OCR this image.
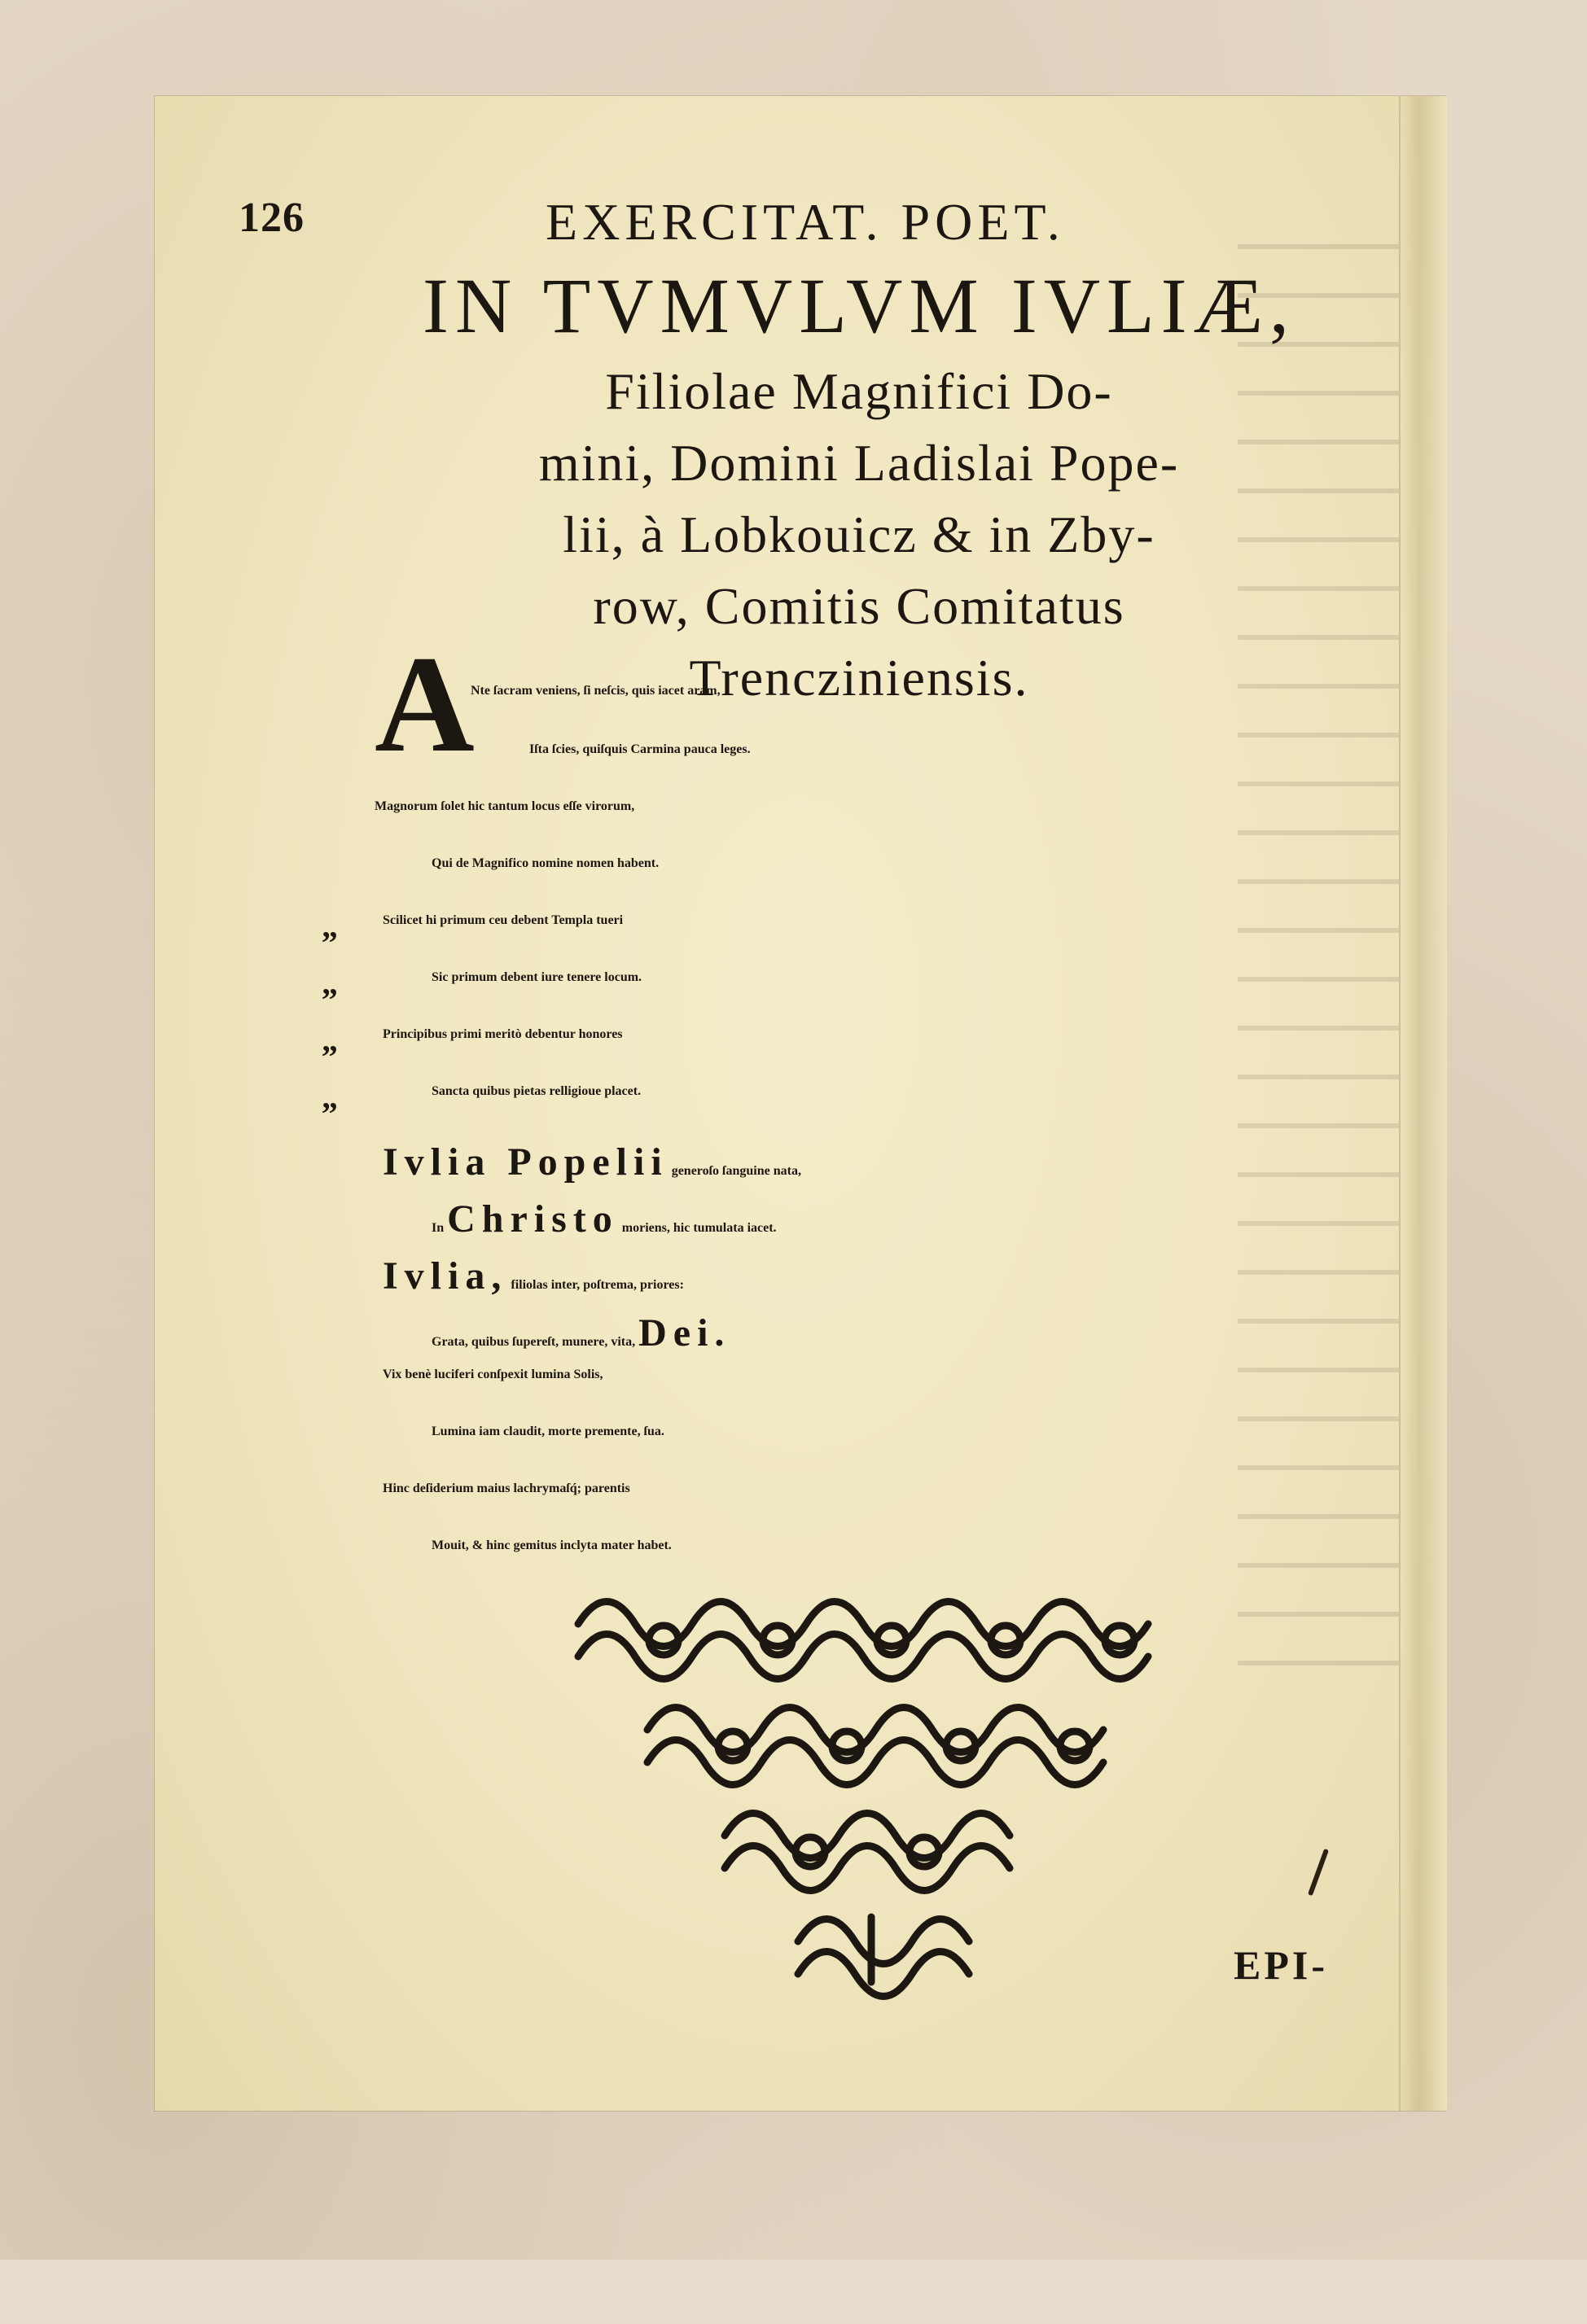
126	EXERCITAT. POET.

IN TVMVLVM IVLIÆ,

Filiolae Magnifici Do-

mini, Domini Ladislai Pope-

lii, à Lobkouicz & in Zby-

row, Comitis Comitatus

Trencziniensis.

A
Nte ſacram veniens, ſi neſcis, quis iacet aram,
Iſta ſcies, quiſquis Carmina pauca leges.
Magnorum ſolet hic tantum locus eſſe virorum,
Qui de Magnifico nomine nomen habent.
„	Scilicet hi primum ceu debent Templa tueri
„	Sic primum debent iure tenere locum.
„	Principibus primi meritò debentur honores
„	Sancta quibus pietas relligioue placet.
Ivlia Popelii generoſo ſanguine nata,
In Christo moriens, hic tumulata iacet.
Ivlia, filiolas inter, poſtrema, priores:
Grata, quibus ſupereſt, munere, vita, Dei.
Vix benè luciferi conſpexit lumina Solis,
Lumina iam claudit, morte premente, ſua.
Hinc deſiderium maius lachrymaſq́; parentis
Mouit, & hinc gemitus inclyta mater habet.
EPI-
